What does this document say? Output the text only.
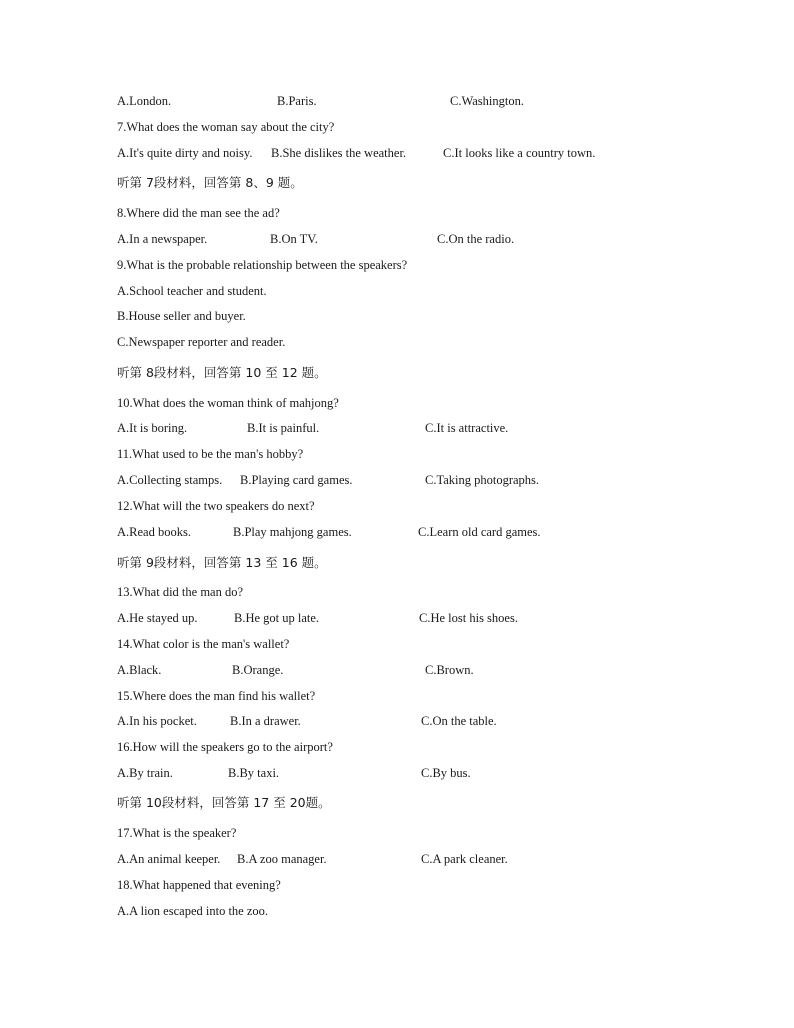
A.London.	B.Paris.	C.Washington.
7.What does the woman say about the city?
A.It's quite dirty and noisy. B.She dislikes the weather.	C.It looks like a country town.
听第 7段材料，回答第 8、9 题。
8.Where did the man see the ad?
A.In a newspaper.	B.On TV.	C.On the radio.
9.What is the probable relationship between the speakers?
A.School teacher and student.
B.House seller and buyer.
C.Newspaper reporter and reader.
听第 8段材料，回答第 10 至 12 题。
10.What does the woman think of mahjong?
A.It is boring.	B.It is painful.	C.It is attractive.
11.What used to be the man's hobby?
A.Collecting stamps. B.Playing card games.	C.Taking photographs.
12.What will the two speakers do next?
A.Read books.	B.Play mahjong games.	C.Learn old card games.
听第 9段材料，回答第 13 至 16 题。
13.What did the man do?
A.He stayed up.	B.He got up late.	C.He lost his shoes.
14.What color is the man's wallet?
A.Black.	B.Orange.	C.Brown.
15.Where does the man find his wallet?
A.In his pocket.	B.In a drawer.	C.On the table.
16.How will the speakers go to the airport?
A.By train.	B.By taxi.	C.By bus.
听第 10段材料，回答第 17 至 20题。
17.What is the speaker?
A.An animal keeper. B.A zoo manager.	C.A park cleaner.
18.What happened that evening?
A.A lion escaped into the zoo.
